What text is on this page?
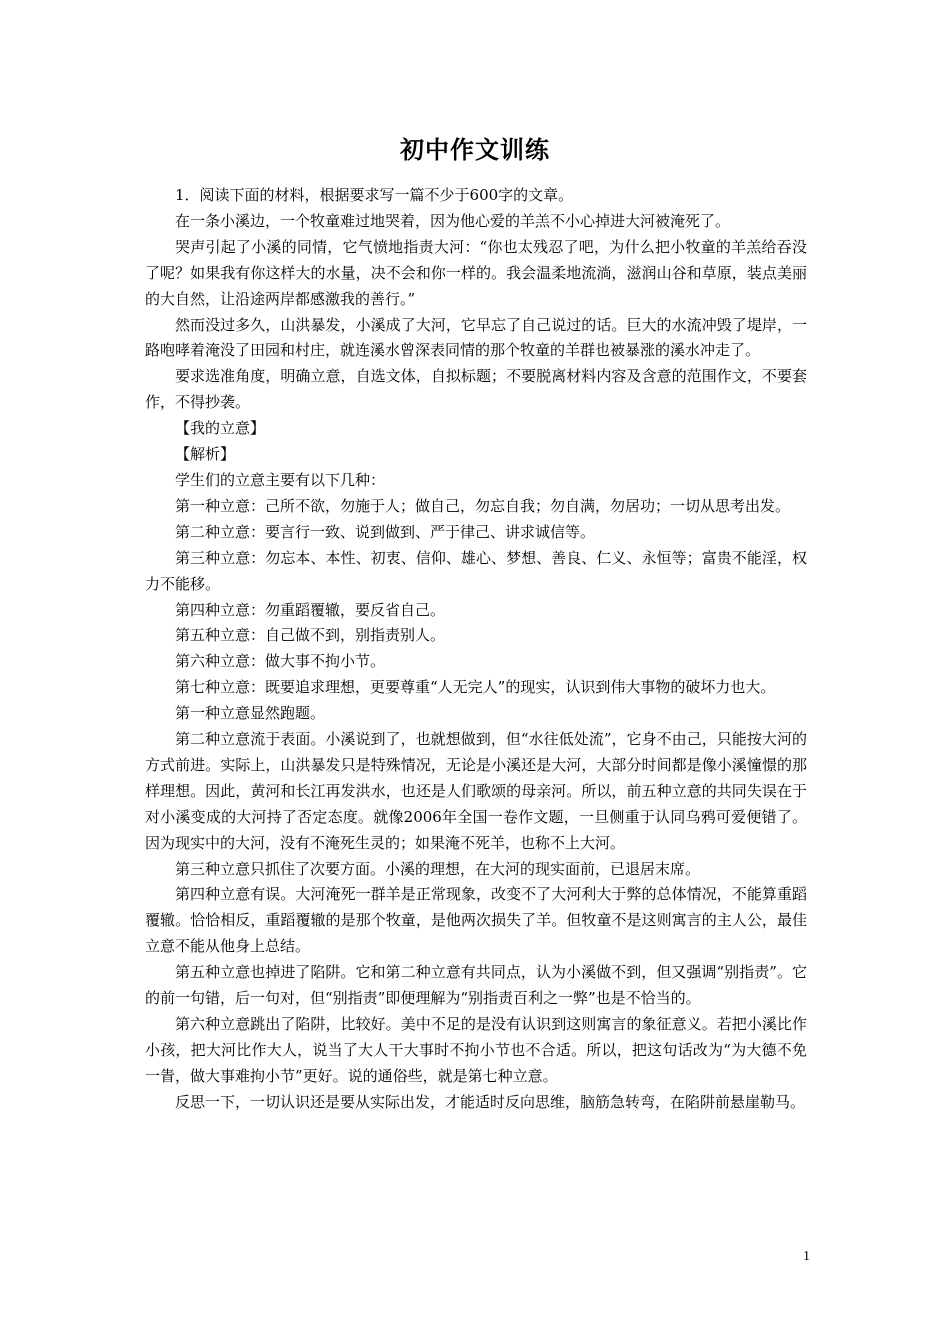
初中作文训练

1．阅读下面的材料，根据要求写一篇不少于600字的文章。

在一条小溪边，一个牧童难过地哭着，因为他心爱的羊羔不小心掉进大河被淹死了。

哭声引起了小溪的同情，它气愤地指责大河：“你也太残忍了吧，为什么把小牧童的羊羔给吞没了呢？如果我有你这样大的水量，决不会和你一样的。我会温柔地流淌，滋润山谷和草原，装点美丽的大自然，让沿途两岸都感激我的善行。”

然而没过多久，山洪暴发，小溪成了大河，它早忘了自己说过的话。巨大的水流冲毁了堤岸，一路咆哮着淹没了田园和村庄，就连溪水曾深表同情的那个牧童的羊群也被暴涨的溪水冲走了。

要求选准角度，明确立意，自选文体，自拟标题；不要脱离材料内容及含意的范围作文，不要套作，不得抄袭。

【我的立意】

【解析】

学生们的立意主要有以下几种：

第一种立意：己所不欲，勿施于人；做自己，勿忘自我；勿自满，勿居功；一切从思考出发。

第二种立意：要言行一致、说到做到、严于律己、讲求诚信等。

第三种立意：勿忘本、本性、初衷、信仰、雄心、梦想、善良、仁义、永恒等；富贵不能淫，权力不能移。

第四种立意：勿重蹈覆辙，要反省自己。

第五种立意：自己做不到，别指责别人。

第六种立意：做大事不拘小节。

第七种立意：既要追求理想，更要尊重“人无完人”的现实，认识到伟大事物的破坏力也大。

第一种立意显然跑题。

第二种立意流于表面。小溪说到了，也就想做到，但“水往低处流”，它身不由己，只能按大河的方式前进。实际上，山洪暴发只是特殊情况，无论是小溪还是大河，大部分时间都是像小溪憧憬的那样理想。因此，黄河和长江再发洪水，也还是人们歌颂的母亲河。所以，前五种立意的共同失误在于对小溪变成的大河持了否定态度。就像2006年全国一卷作文题，一旦侧重于认同乌鸦可爱便错了。因为现实中的大河，没有不淹死生灵的；如果淹不死羊，也称不上大河。

第三种立意只抓住了次要方面。小溪的理想，在大河的现实面前，已退居末席。

第四种立意有误。大河淹死一群羊是正常现象，改变不了大河利大于弊的总体情况，不能算重蹈覆辙。恰恰相反，重蹈覆辙的是那个牧童，是他两次损失了羊。但牧童不是这则寓言的主人公，最佳立意不能从他身上总结。

第五种立意也掉进了陷阱。它和第二种立意有共同点，认为小溪做不到，但又强调“别指责”。它的前一句错，后一句对，但“别指责”即便理解为“别指责百利之一弊”也是不恰当的。

第六种立意跳出了陷阱，比较好。美中不足的是没有认识到这则寓言的象征意义。若把小溪比作小孩，把大河比作大人，说当了大人干大事时不拘小节也不合适。所以，把这句话改为“为大德不免一眚，做大事难拘小节”更好。说的通俗些，就是第七种立意。

反思一下，一切认识还是要从实际出发，才能适时反向思维，脑筋急转弯，在陷阱前悬崖勒马。

1
